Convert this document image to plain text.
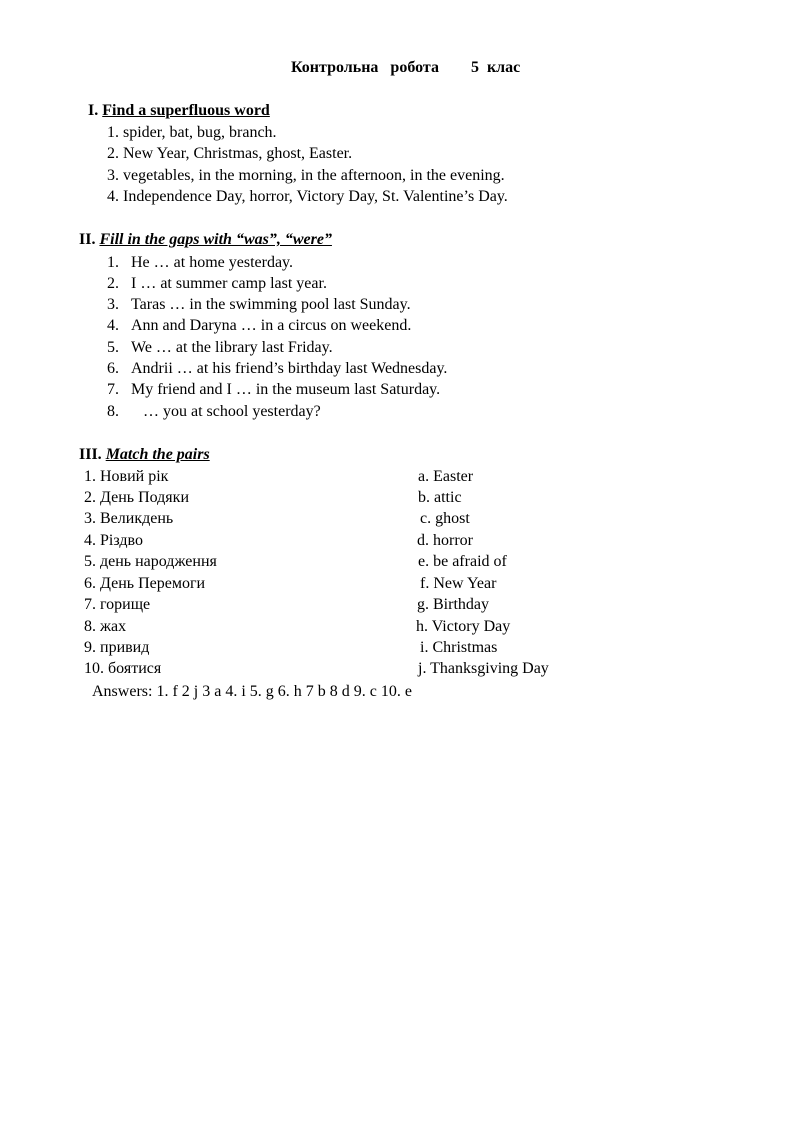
Контрольна   робота        5  клас
I. Find a superfluous word
1. spider, bat, bug, branch.
2. New Year, Christmas, ghost, Easter.
3. vegetables, in the morning, in the afternoon, in the evening.
4. Independence Day, horror, Victory Day, St. Valentine’s Day.
II. Fill in the gaps with “was”, “were”
1. He … at home yesterday.
2. I … at summer camp last year.
3. Taras … in the swimming pool last Sunday.
4. Ann and Daryna … in a circus on weekend.
5. We … at the library last Friday.
6. Andrii … at his friend’s birthday last Wednesday.
7. My friend and I … in the museum last Saturday.
8. … you at school yesterday?
III. Match the pairs
1. Новий рік
2. День Подяки
3. Великдень
4. Різдво
5. день народження
6. День Перемоги
7. горище
8. жах
9. привид
10. боятися
a. Easter
b. attic
c. ghost
d. horror
e. be afraid of
f. New Year
g. Birthday
h. Victory Day
i. Christmas
j. Thanksgiving Day
Answers: 1. f 2 j 3 a 4. i 5. g 6. h 7 b 8 d 9. c 10. e
